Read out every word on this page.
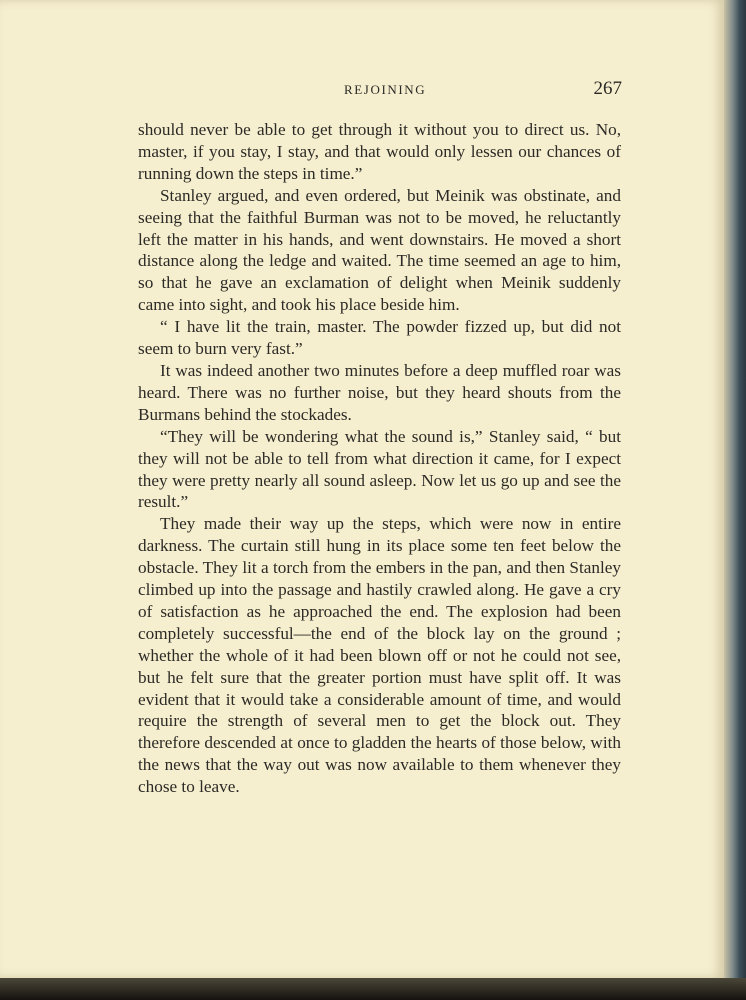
REJOINING	267

should never be able to get through it without you to direct us. No, master, if you stay, I stay, and that would only lessen our chances of running down the steps in time.”

Stanley argued, and even ordered, but Meinik was obstinate, and seeing that the faithful Burman was not to be moved, he reluctantly left the matter in his hands, and went downstairs. He moved a short distance along the ledge and waited. The time seemed an age to him, so that he gave an exclamation of delight when Meinik suddenly came into sight, and took his place beside him.

“ I have lit the train, master. The powder fizzed up, but did not seem to burn very fast.”

It was indeed another two minutes before a deep muffled roar was heard. There was no further noise, but they heard shouts from the Burmans behind the stockades.

“They will be wondering what the sound is,” Stanley said, “ but they will not be able to tell from what direction it came, for I expect they were pretty nearly all sound asleep. Now let us go up and see the result.”

They made their way up the steps, which were now in entire darkness. The curtain still hung in its place some ten feet below the obstacle. They lit a torch from the embers in the pan, and then Stanley climbed up into the passage and hastily crawled along. He gave a cry of satisfaction as he approached the end. The explosion had been completely successful—the end of the block lay on the ground ; whether the whole of it had been blown off or not he could not see, but he felt sure that the greater portion must have split off. It was evident that it would take a considerable amount of time, and would require the strength of several men to get the block out. They therefore descended at once to gladden the hearts of those below, with the news that the way out was now available to them whenever they chose to leave.
